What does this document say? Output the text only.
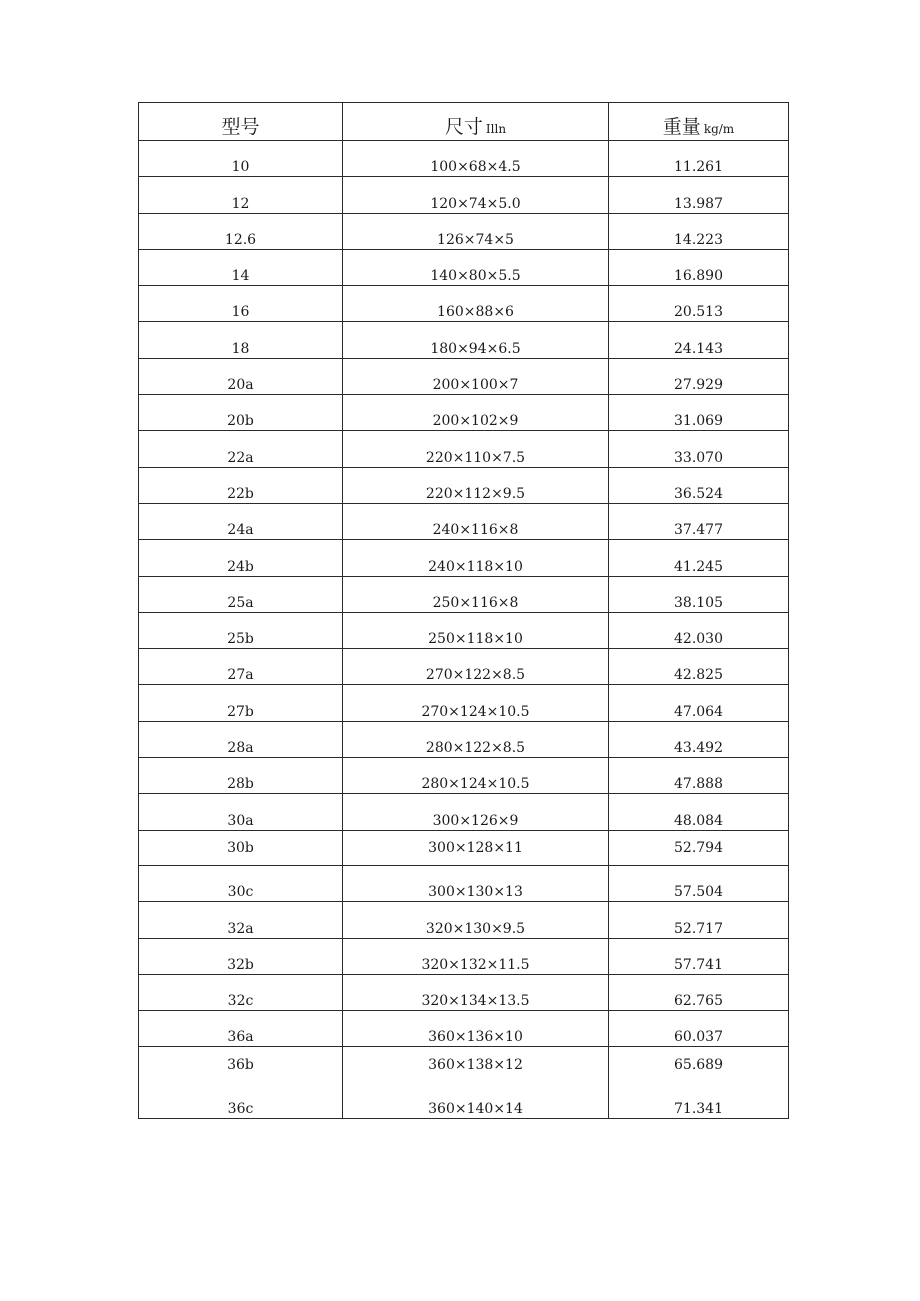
型号	尺寸 Illn	重量 kg/m
10	100×68×4.5	11.261
12	120×74×5.0	13.987
12.6	126×74×5	14.223
14	140×80×5.5	16.890
16	160×88×6	20.513
18	180×94×6.5	24.143
20a	200×100×7	27.929
20b	200×102×9	31.069
22a	220×110×7.5	33.070
22b	220×112×9.5	36.524
24a	240×116×8	37.477
24b	240×118×10	41.245
25a	250×116×8	38.105
25b	250×118×10	42.030
27a	270×122×8.5	42.825
27b	270×124×10.5	47.064
28a	280×122×8.5	43.492
28b	280×124×10.5	47.888
30a	300×126×9	48.084
30b	300×128×11	52.794
30c	300×130×13	57.504
32a	320×130×9.5	52.717
32b	320×132×11.5	57.741
32c	320×134×13.5	62.765
36a	360×136×10	60.037
36b	360×138×12	65.689
36c	360×140×14	71.341
